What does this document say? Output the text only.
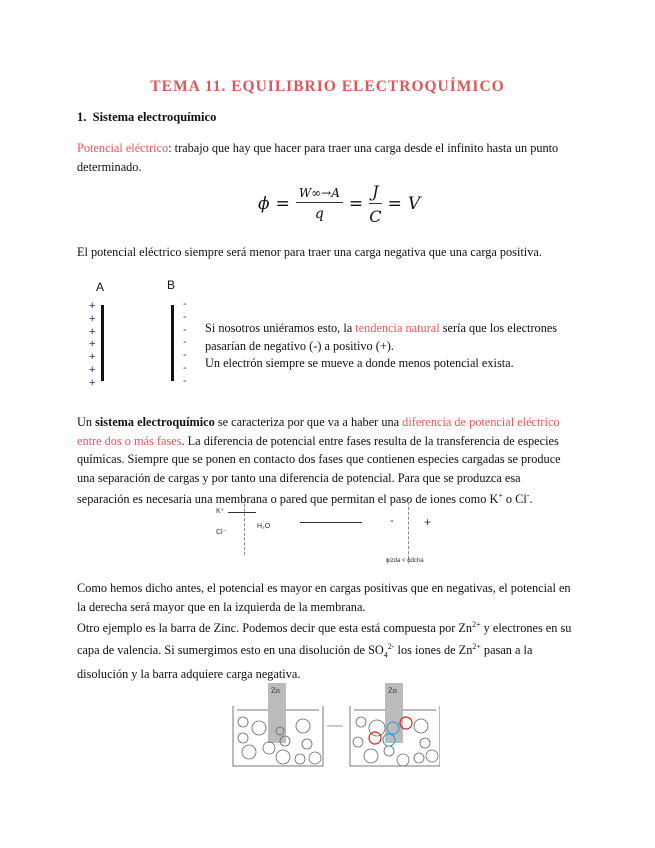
TEMA 11. EQUILIBRIO ELECTROQUÍMICO
1. Sistema electroquímico
Potencial eléctrico: trabajo que hay que hacer para traer una carga desde el infinito hasta un punto determinado.
$\phi = \frac{W\infty\to A}{q} = \frac{J}{C} = V$
El potencial eléctrico siempre será menor para traer una carga negativa que una carga positiva.
A	B
+
+
+
+
+
+
+
-
-
-
-
-
-
-
Si nosotros uniéramos esto, la tendencia natural sería que los electrones pasarían de negativo (-) a positivo (+).
Un electrón siempre se mueve a donde menos potencial exista.
Un sistema electroquímico se caracteriza por que va a haber una diferencia de potencial eléctrico entre dos o más fases. La diferencia de potencial entre fases resulta de la transferencia de especies químicas. Siempre que se ponen en contacto dos fases que contienen especies cargadas se produce una separación de cargas y por tanto una diferencia de potencial. Para que se produzca esa separación es necesaria una membrana o pared que permitan el paso de iones como K+ o Cl-.
K⁺
Cl⁻
H₂O	-	+
ϕizda < ϕdcha
Como hemos dicho antes, el potencial es mayor en cargas positivas que en negativas, el potencial en la derecha será mayor que en la izquierda de la membrana.
Otro ejemplo es la barra de Zinc. Podemos decir que esta está compuesta por $Zn^{2+}$ y electrones en su capa de valencia. Si sumergimos esto en una disolución de $SO_4^{2-}$ los iones de $Zn^{2+}$ pasan a la disolución y la barra adquiere carga negativa.
Zn	Zn
